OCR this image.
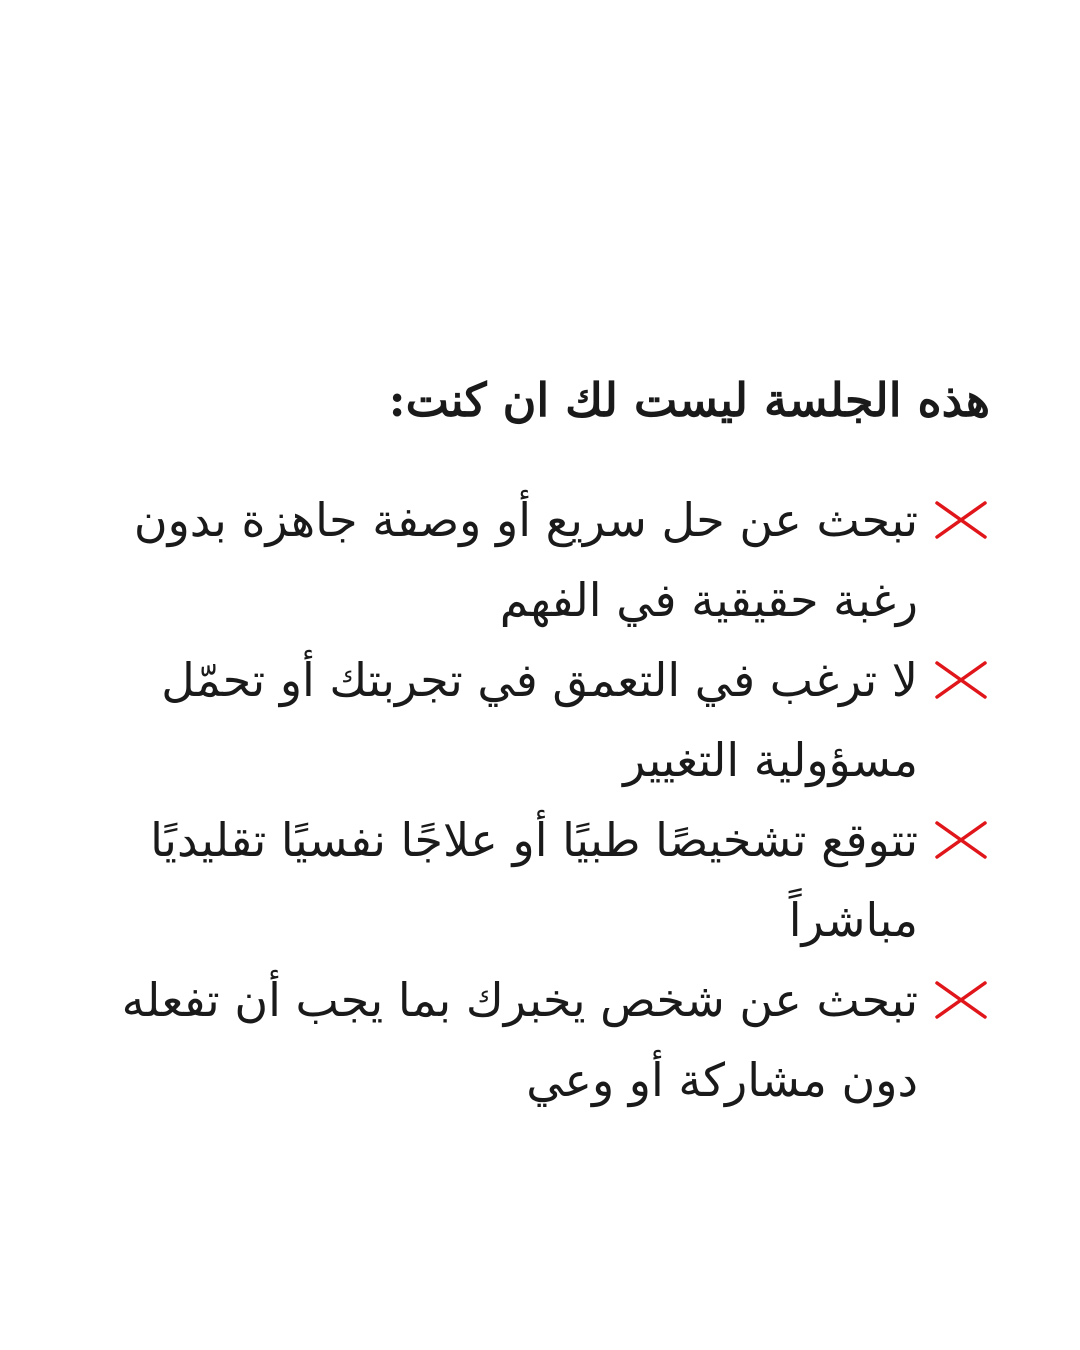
هذه الجلسة ليست لك ان كنت:
تبحث عن حل سريع أو وصفة جاهزة بدون رغبة حقيقية في الفهم
لا ترغب في التعمق في تجربتك أو تحمّل مسؤولية التغيير
تتوقع تشخيصًا طبيًا أو علاجًا نفسيًا تقليديًا مباشراً
تبحث عن شخص يخبرك بما يجب أن تفعله دون مشاركة أو وعي
